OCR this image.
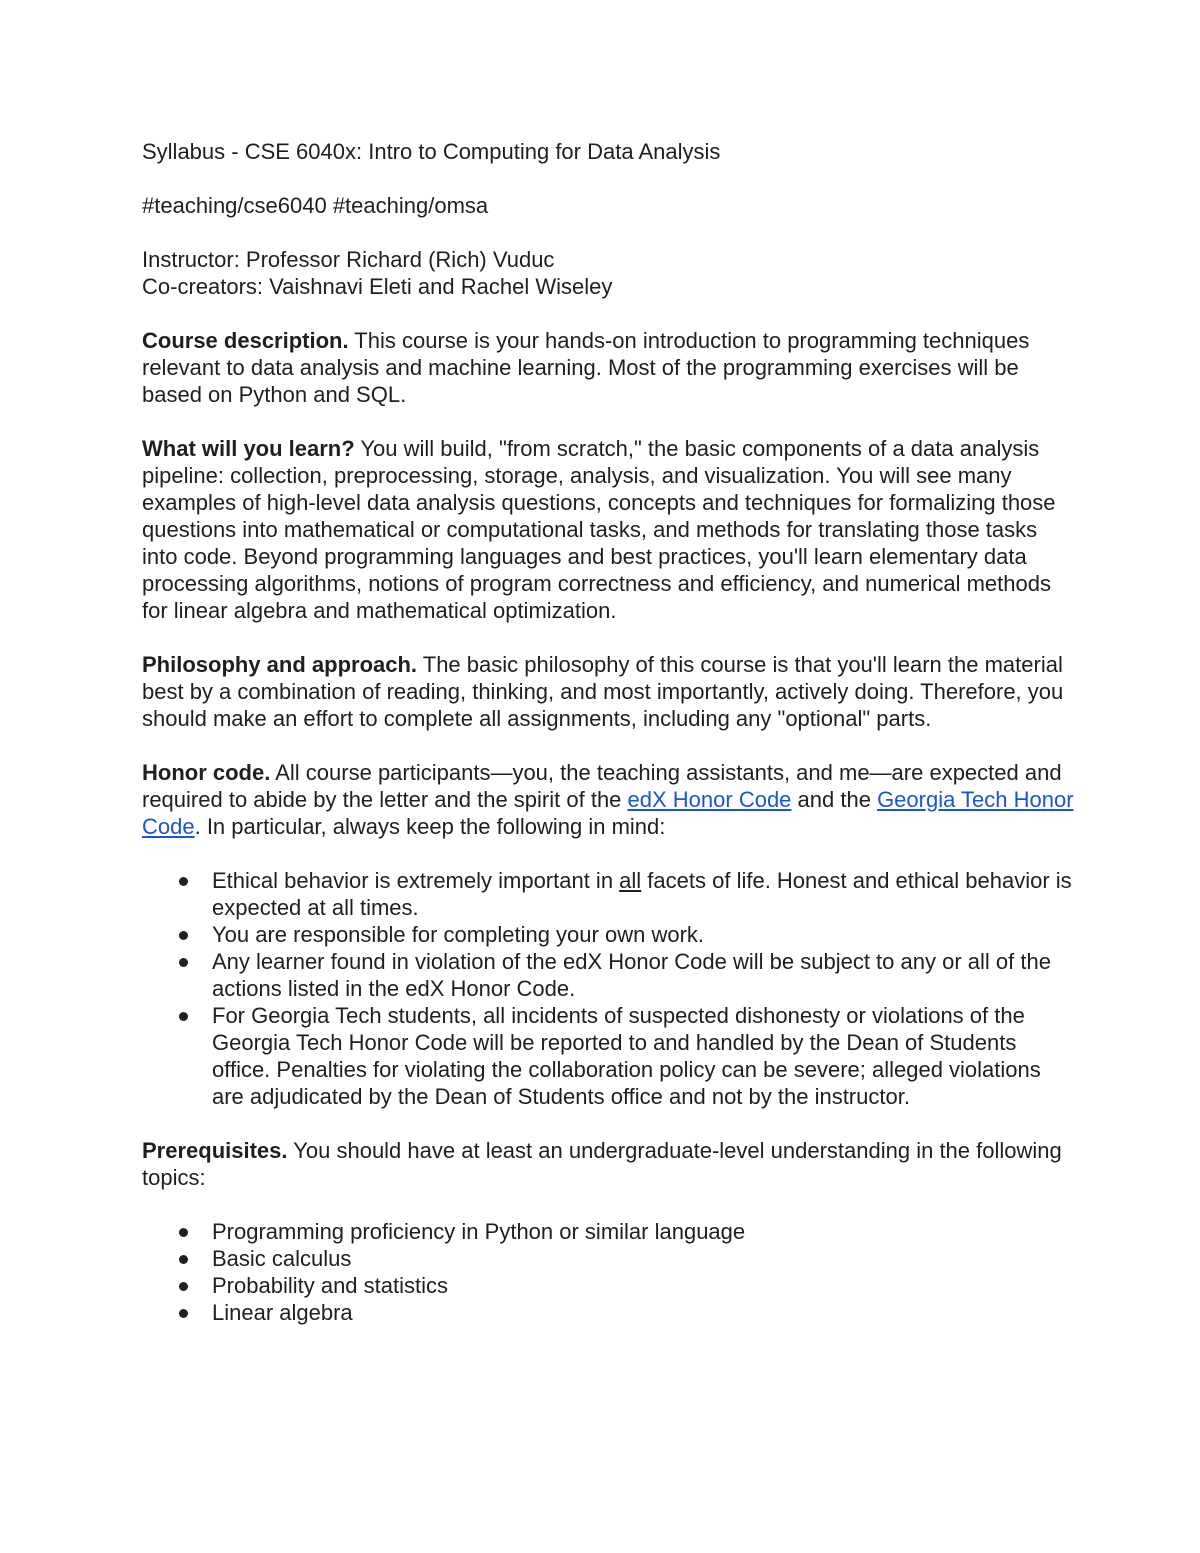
Syllabus - CSE 6040x: Intro to Computing for Data Analysis

#teaching/cse6040 #teaching/omsa

Instructor: Professor Richard (Rich) Vuduc

Co-creators: Vaishnavi Eleti and Rachel Wiseley

Course description. This course is your hands-on introduction to programming techniques relevant to data analysis and machine learning. Most of the programming exercises will be based on Python and SQL.

What will you learn? You will build, "from scratch," the basic components of a data analysis pipeline: collection, preprocessing, storage, analysis, and visualization. You will see many examples of high-level data analysis questions, concepts and techniques for formalizing those questions into mathematical or computational tasks, and methods for translating those tasks into code. Beyond programming languages and best practices, you'll learn elementary data processing algorithms, notions of program correctness and efficiency, and numerical methods for linear algebra and mathematical optimization.

Philosophy and approach. The basic philosophy of this course is that you'll learn the material best by a combination of reading, thinking, and most importantly, actively doing. Therefore, you should make an effort to complete all assignments, including any "optional" parts.

Honor code. All course participants—you, the teaching assistants, and me—are expected and required to abide by the letter and the spirit of the edX Honor Code and the Georgia Tech Honor Code. In particular, always keep the following in mind:

Ethical behavior is extremely important in all facets of life. Honest and ethical behavior is expected at all times.
You are responsible for completing your own work.
Any learner found in violation of the edX Honor Code will be subject to any or all of the actions listed in the edX Honor Code.
For Georgia Tech students, all incidents of suspected dishonesty or violations of the Georgia Tech Honor Code will be reported to and handled by the Dean of Students office. Penalties for violating the collaboration policy can be severe; alleged violations are adjudicated by the Dean of Students office and not by the instructor.

Prerequisites. You should have at least an undergraduate-level understanding in the following topics:

Programming proficiency in Python or similar language
Basic calculus
Probability and statistics
Linear algebra
